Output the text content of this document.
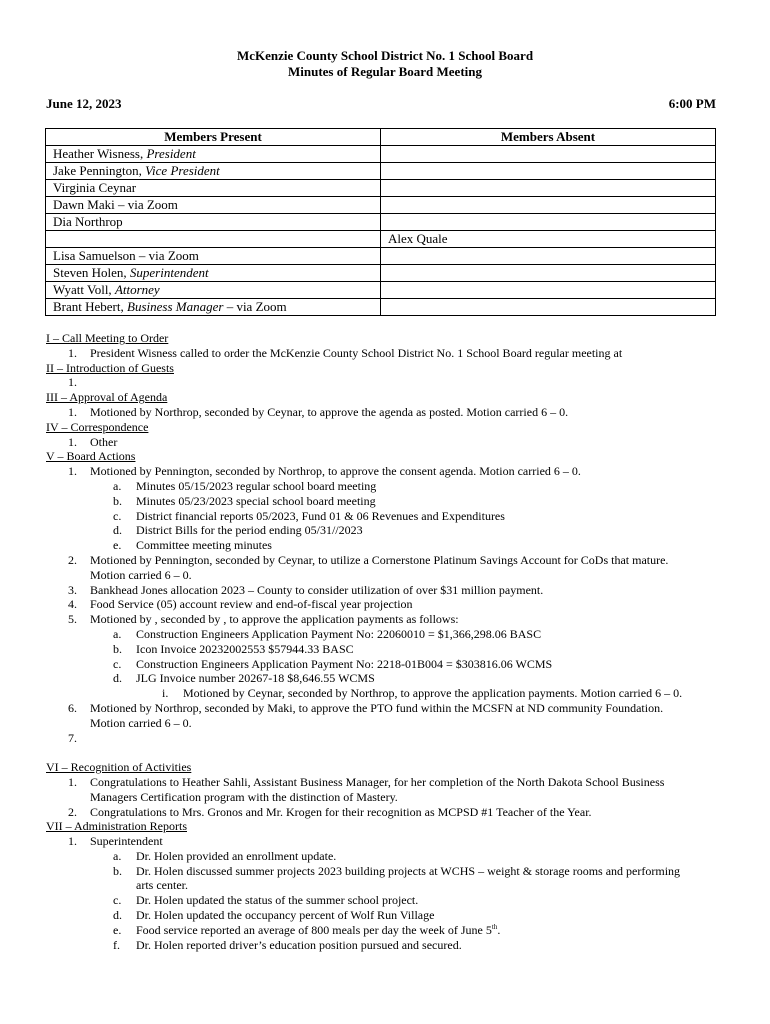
McKenzie County School District No. 1 School Board
Minutes of Regular Board Meeting
June 12, 2023	6:00 PM
Members Present	Members Absent
Heather Wisness, President	
Jake Pennington, Vice President	
Virginia Ceynar	
Dawn Maki – via Zoom	
Dia Northrop	
	Alex Quale
Lisa Samuelson – via Zoom	
Steven Holen, Superintendent	
Wyatt Voll, Attorney	
Brant Hebert, Business Manager – via Zoom	
I – Call Meeting to Order
1. President Wisness called to order the McKenzie County School District No. 1 School Board regular meeting at
II – Introduction of Guests
1.

III – Approval of Agenda
1. Motioned by Northrop, seconded by Ceynar, to approve the agenda as posted. Motion carried 6 – 0.
IV – Correspondence
1. Other
V – Board Actions
1. Motioned by Pennington, seconded by Northrop, to approve the consent agenda. Motion carried 6 – 0.
a. Minutes 05/15/2023 regular school board meeting
b. Minutes 05/23/2023 special school board meeting
c. District financial reports 05/2023, Fund 01 & 06 Revenues and Expenditures
d. District Bills for the period ending 05/31//2023
e. Committee meeting minutes
2. Motioned by Pennington, seconded by Ceynar, to utilize a Cornerstone Platinum Savings Account for CoDs that mature.
Motion carried 6 – 0.
3. Bankhead Jones allocation 2023 – County to consider utilization of over $31 million payment.
4. Food Service (05) account review and end-of-fiscal year projection
5. Motioned by , seconded by , to approve the application payments as follows:
a. Construction Engineers Application Payment No: 22060010 = $1,366,298.06 BASC
b. Icon Invoice 20232002553 $57944.33 BASC
c. Construction Engineers Application Payment No: 2218-01B004 = $303816.06 WCMS
d. JLG Invoice number 20267-18 $8,646.55 WCMS
i. Motioned by Ceynar, seconded by Northrop, to approve the application payments. Motion carried 6 – 0.
6. Motioned by Northrop, seconded by Maki, to approve the PTO fund within the MCSFN at ND community Foundation.
Motion carried 6 – 0.
7.

VI – Recognition of Activities
1. Congratulations to Heather Sahli, Assistant Business Manager, for her completion of the North Dakota School Business
Managers Certification program with the distinction of Mastery.
2. Congratulations to Mrs. Gronos and Mr. Krogen for their recognition as MCPSD #1 Teacher of the Year.
VII – Administration Reports
1. Superintendent
a. Dr. Holen provided an enrollment update.
b. Dr. Holen discussed summer projects 2023 building projects at WCHS – weight & storage rooms and performing
arts center.
c. Dr. Holen updated the status of the summer school project.
d. Dr. Holen updated the occupancy percent of Wolf Run Village
e. Food service reported an average of 800 meals per day the week of June 5th.
f. Dr. Holen reported driver’s education position pursued and secured.
